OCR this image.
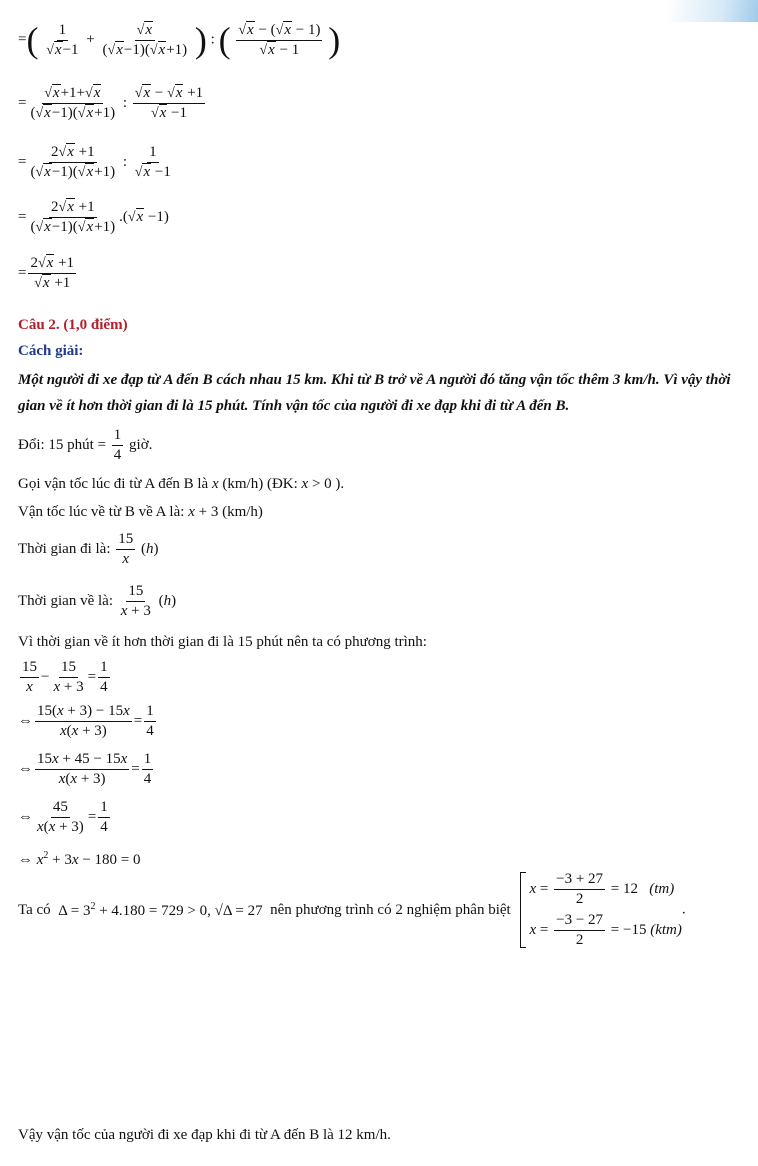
=( 1
√ x−1 + √ $\frac{x}{( √ x-1)( √ x+1)}$ ) : ( √ x − ( √ x − 1)
√ x − 1 )
= √ $\frac{x+1+ √ x}{( √ x-1)( √ x+1)}$ : √ x − √ x +1
√ x −1
= $\frac{2 √ x +1}{( √ x-1)( √ x+1)}$ : 1
√ x −1
= $\frac{2 √ x +1}{( √ x-1)( √ x+1)}$ .( √ x −1)
= 2 √ x +1
√ x +1
Câu 2. (1,0 điểm)
Cách giải:
Một người đi xe đạp từ A đến B cách nhau 15 km. Khi từ B trở về A người đó tăng vận tốc thêm 3 km/h. Vì vậy thời gian về ít hơn thời gian đi là 15 phút. Tính vận tốc của người đi xe đạp khi đi từ A đến B.
Đổi: 15 phút = $\frac{1}{4}$ giờ.
Gọi vận tốc lúc đi từ A đến B là x (km/h) (ĐK: x > 0 ).
Vận tốc lúc về từ B về A là: x + 3 (km/h)
Thời gian đi là: $\frac{15}{x} (h)$
Thời gian về là: $\frac{15}{x + 3} (h)$
Vì thời gian về ít hơn thời gian đi là 15 phút nên ta có phương trình:
$\frac{15}{x} - \frac{15}{x + 3} = \frac{1}{4}$
⇔ $\frac{15(x + 3) - 15x}{x(x + 3)} = \frac{1}{4}$
⇔ $\frac{15x + 45 - 15x}{x(x + 3)} = \frac{1}{4}$
⇔ $\frac{45}{x(x + 3)} = \frac{1}{4}$
⇔ $x^2 + 3x - 180 = 0$
Ta có  $\Delta = 3^2 + 4.180 = 729 > 0$, √Δ = 27  nên phương trình có 2 nghiệm phân biệt
$x = \frac{-3 + 27}{2} = 12$   (tm)
$x = \frac{-3 - 27}{2} = -15$ (ktm)
.
Vậy vận tốc của người đi xe đạp khi đi từ A đến B là 12 km/h.
